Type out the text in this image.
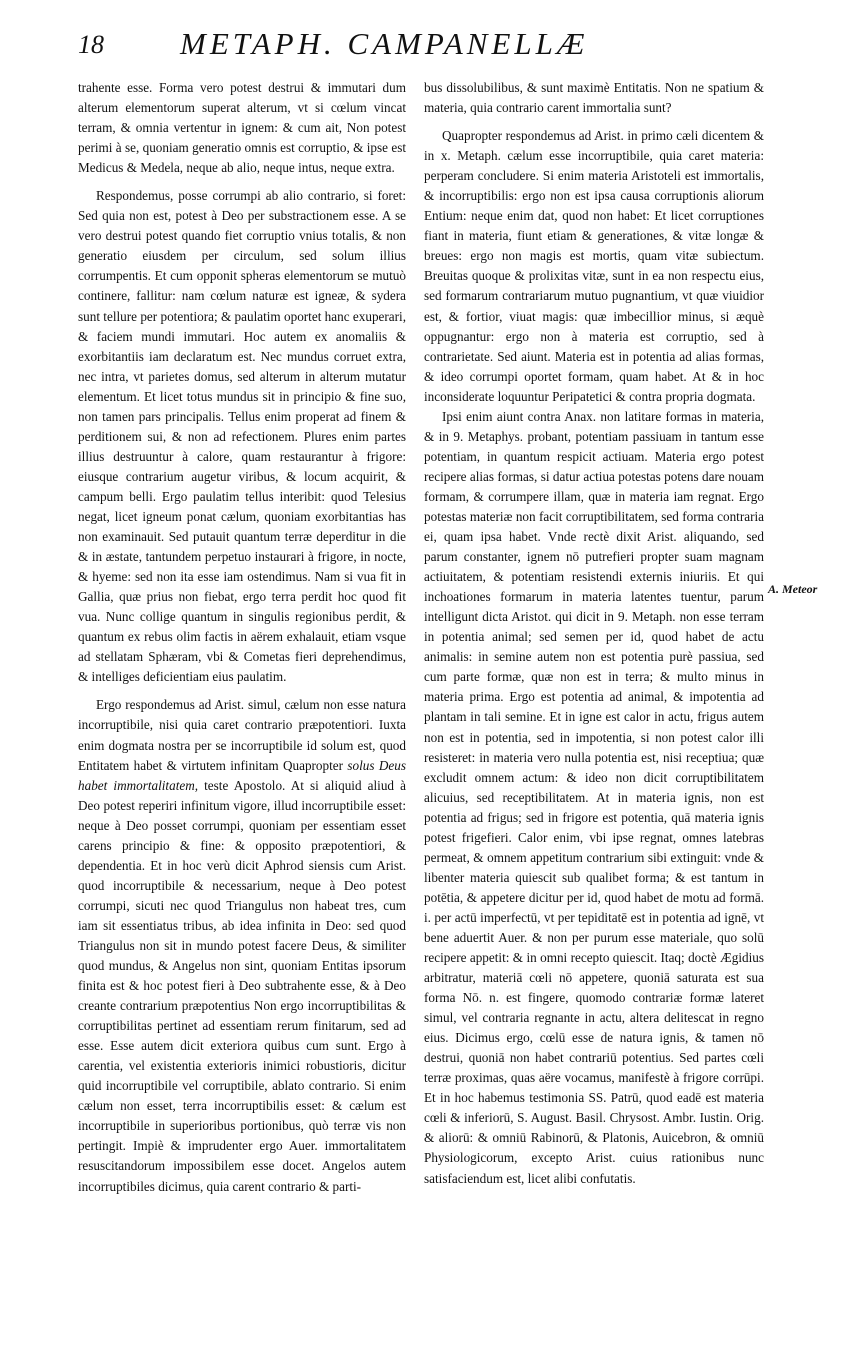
18 METAPH. CAMPANELLÆ

trahente esse. Forma vero potest destrui & immutari dum alterum elementorum superat alterum, vt si cœlum vincat terram, & omnia vertentur in ignem: & cum ait, Non potest perimi à se, quoniam generatio omnis est corruptio, & ipse est Medicus & Medela, neque ab alio, neque intus, neque extra.

Respondemus, posse corrumpi ab alio contrario, si foret: Sed quia non est, potest à Deo per substractionem esse. A se vero destrui potest quando fiet corruptio vnius totalis, & non generatio eiusdem per circulum, sed solum illius corrumpentis. Et cum opponit spheras elementorum se mutuò continere, fallitur: nam cœlum naturæ est igneæ, & sydera sunt tellure per potentiora; & paulatim oportet hanc exuperari, & faciem mundi immutari. Hoc autem ex anomaliis & exorbitantiis iam declaratum est. Nec mundus corruet extra, nec intra, vt parietes domus, sed alterum in alterum mutatur elementum. Et licet totus mundus sit in principio & fine suo, non tamen pars principalis. Tellus enim properat ad finem & perditionem sui, & non ad refectionem. Plures enim partes illius destruuntur à calore, quam restaurantur à frigore: eiusque contrarium augetur viribus, & locum acquirit, & campum belli. Ergo paulatim tellus interibit: quod Telesius negat, licet igneum ponat cælum, quoniam exorbitantias has non examinauit. Sed putauit quantum terræ deperditur in die & in æstate, tantundem perpetuo instaurari à frigore, in nocte, & hyeme: sed non ita esse iam ostendimus. Nam si vua fit in Gallia, quæ prius non fiebat, ergo terra perdit hoc quod fit vua. Nunc collige quantum in singulis regionibus perdit, & quantum ex rebus olim factis in aërem exhalauit, etiam vsque ad stellatam Sphæram, vbi & Cometas fieri deprehendimus, & intelliges deficientiam eius paulatim.

Ergo respondemus ad Arist. simul, cælum non esse natura incorruptibile, nisi quia caret contrario præpotentiori. Iuxta enim dogmata nostra per se incorruptibile id solum est, quod Entitatem habet & virtutem infinitam Quapropter solus Deus habet immortalitatem, teste Apostolo. At si aliquid aliud à Deo potest reperiri infinitum vigore, illud incorruptibile esset: neque à Deo posset corrumpi, quoniam per essentiam esset carens principio & fine: & opposito præpotentiori, & dependentia. Et in hoc verù dicit Aphrod siensis cum Arist. quod incorruptibile & necessarium, neque à Deo potest corrumpi, sicuti nec quod Triangulus non habeat tres, cum iam sit essentiatus tribus, ab idea infinita in Deo: sed quod Triangulus non sit in mundo potest facere Deus, & similiter quod mundus, & Angelus non sint, quoniam Entitas ipsorum finita est & hoc potest fieri à Deo subtrahente esse, & à Deo creante contrarium præpotentius Non ergo incorruptibilitas & corruptibilitas pertinet ad essentiam rerum finitarum, sed ad esse. Esse autem dicit exteriora quibus cum sunt. Ergo à carentia, vel existentia exterioris inimici robustioris, dicitur quid incorruptibile vel corruptibile, ablato contrario. Si enim cælum non esset, terra incorruptibilis esset: & cælum est incorruptibile in superioribus portionibus, quò terræ vis non pertingit. Impiè & imprudenter ergo Auer. immortalitatem resuscitandorum impossibilem esse docet. Angelos autem incorruptibiles dicimus, quia carent contrario & parti-

bus dissolubilibus, & sunt maximè Entitatis. Non ne spatium & materia, quia contrario carent immortalia sunt?

Quapropter respondemus ad Arist. in primo cæli dicentem & in x. Metaph. cælum esse incorruptibile, quia caret materia: perperam concludere. Si enim materia Aristoteli est immortalis, & incorruptibilis: ergo non est ipsa causa corruptionis aliorum Entium: neque enim dat, quod non habet: Et licet corruptiones fiant in materia, fiunt etiam & generationes, & vitæ longæ & breues: ergo non magis est mortis, quam vitæ subiectum. Breuitas quoque & prolixitas vitæ, sunt in ea non respectu eius, sed formarum contrariarum mutuo pugnantium, vt quæ viuidior est, & fortior, viuat magis: quæ imbecillior minus, si æquè oppugnantur: ergo non à materia est corruptio, sed à contrarietate. Sed aiunt. Materia est in potentia ad alias formas, & ideo corrumpi oportet formam, quam habet. At & in hoc inconsiderate loquuntur Peripatetici & contra propria dogmata.

Ipsi enim aiunt contra Anax. non latitare formas in materia, & in 9. Metaphys. probant, potentiam passiuam in tantum esse potentiam, in quantum respicit actiuam. Materia ergo potest recipere alias formas, si datur actiua potestas potens dare nouam formam, & corrumpere illam, quæ in materia iam regnat. Ergo potestas materiæ non facit corruptibilitatem, sed forma contraria ei, quam ipsa habet. Vnde rectè dixit Arist. aliquando, sed parum constanter, ignem nō putrefieri propter suam magnam actiuitatem, & potentiam resistendi externis iniuriis. Et qui inchoationes formarum in materia latentes tuentur, parum intelligunt dicta Aristot. qui dicit in 9. Metaph. non esse terram in potentia animal; sed semen per id, quod habet de actu animalis: in semine autem non est potentia purè passiua, sed cum parte formæ, quæ non est in terra; & multo minus in materia prima. Ergo est potentia ad animal, & impotentia ad plantam in tali semine. Et in igne est calor in actu, frigus autem non est in potentia, sed in impotentia, si non potest calor illi resisteret: in materia vero nulla potentia est, nisi receptiua; quæ excludit omnem actum: & ideo non dicit corruptibilitatem alicuius, sed receptibilitatem. At in materia ignis, non est potentia ad frigus; sed in frigore est potentia, quā materia ignis potest frigefieri. Calor enim, vbi ipse regnat, omnes latebras permeat, & omnem appetitum contrarium sibi extinguit: vnde & libenter materia quiescit sub qualibet forma; & est tantum in potētia, & appetere dicitur per id, quod habet de motu ad formā. i. per actū imperfectū, vt per tepiditatē est in potentia ad ignē, vt bene aduertit Auer. & non per purum esse materiale, quo solū recipere appetit: & in omni recepto quiescit. Itaq; doctè Ægidius arbitratur, materiā cœli nō appetere, quoniā saturata est sua forma Nō. n. est fingere, quomodo contrariæ formæ lateret simul, vel contraria regnante in actu, altera delitescat in regno eius. Dicimus ergo, cœlū esse de natura ignis, & tamen nō destrui, quoniā non habet contrariū potentius. Sed partes cœli terræ proximas, quas aëre vocamus, manifestè à frigore corrūpi. Et in hoc habemus testimonia SS. Patrū, quod eadē est materia cœli & inferiorū, S. August. Basil. Chrysost. Ambr. Iustin. Orig. & aliorū: & omniū Rabinorū, & Platonis, Auicebron, & omniū Physiologicorum, excepto Arist. cuius rationibus nunc satisfaciendum est, licet alibi confutatis.

A. Meteor
